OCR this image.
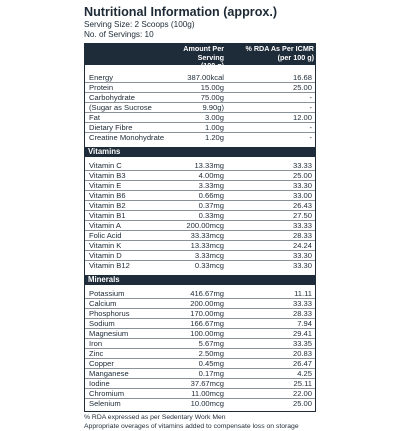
Nutritional Information (approx.)
Serving Size: 2 Scoops (100g)
No. of Servings: 10
Amount Per Serving
(100 g)
% RDA As Per ICMR
(per 100 g)
Energy	387.00kcal	16.68
Protein	15.00g	25.00
Carbohydrate	75.00g	-
(Sugar as Sucrose	9.90g)	-
Fat	3.00g	12.00
Dietary Fibre	1.00g	-
Creatine Monohydrate	1.20g	-
Vitamins
Vitamin C	13.33mg	33.33
Vitamin B3	4.00mg	25.00
Vitamin E	3.33mg	33.30
Vitamin B6	0.66mg	33.00
Vitamin B2	0.37mg	26.43
Vitamin B1	0.33mg	27.50
Vitamin A	200.00mcg	33.33
Folic Acid	33.33mcg	28.33
Vitamin K	13.33mcg	24.24
Vitamin D	3.33mcg	33.30
Vitamin B12	0.33mcg	33.30
Minerals
Potassium	416.67mg	11.11
Calcium	200.00mg	33.33
Phosphorus	170.00mg	28.33
Sodium	166.67mg	7.94
Magnesium	100.00mg	29.41
Iron	5.67mg	33.35
Zinc	2.50mg	20.83
Copper	0.45mg	26.47
Manganese	0.17mg	4.25
Iodine	37.67mcg	25.11
Chromium	11.00mcg	22.00
Selenium	10.00mcg	25.00
% RDA expressed as per Sedentary Work Men
Appropriate overages of vitamins added to compensate loss on storage
